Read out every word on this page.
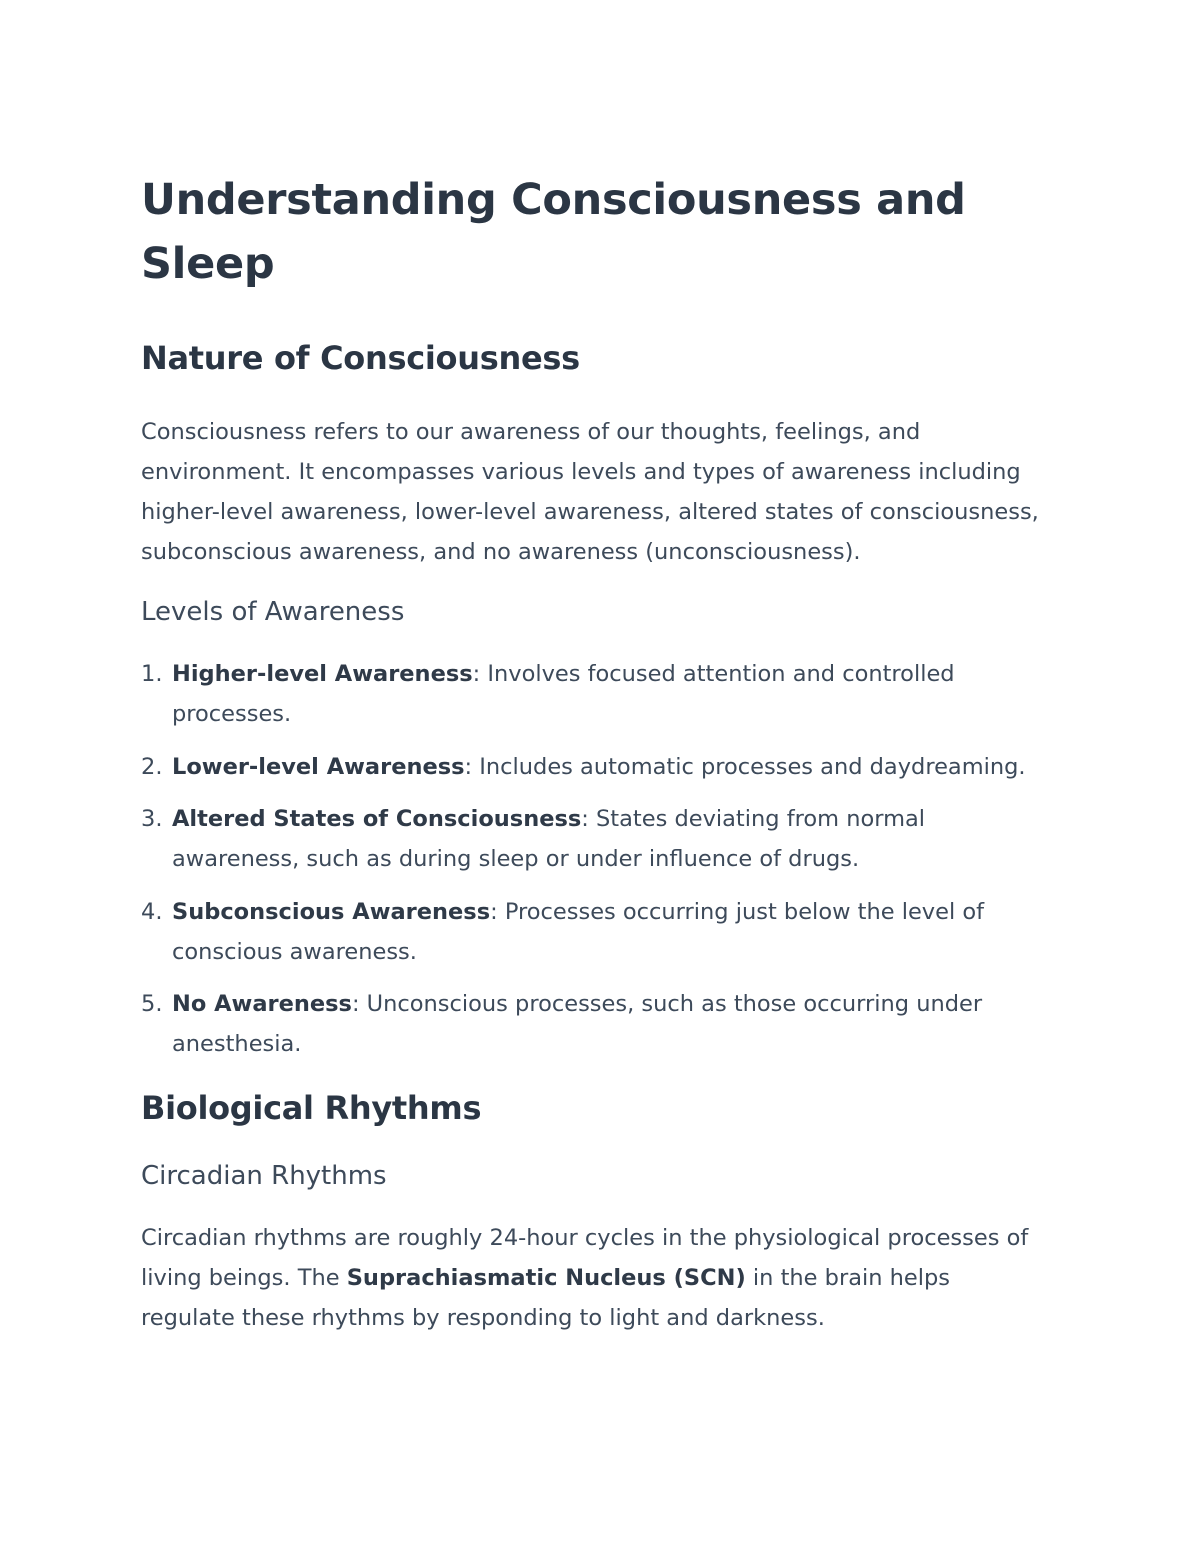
Understanding Consciousness and Sleep
Nature of Consciousness

Consciousness refers to our awareness of our thoughts, feelings, and environment. It encompasses various levels and types of awareness including higher-level awareness, lower-level awareness, altered states of consciousness, subconscious awareness, and no awareness (unconsciousness).

Levels of Awareness
1. Higher-level Awareness: Involves focused attention and controlled processes.
2. Lower-level Awareness: Includes automatic processes and daydreaming.
3. Altered States of Consciousness: States deviating from normal awareness, such as during sleep or under influence of drugs.
4. Subconscious Awareness: Processes occurring just below the level of conscious awareness.
5. No Awareness: Unconscious processes, such as those occurring under anesthesia.
Biological Rhythms
Circadian Rhythms

Circadian rhythms are roughly 24-hour cycles in the physiological processes of living beings. The Suprachiasmatic Nucleus (SCN) in the brain helps regulate these rhythms by responding to light and darkness.
